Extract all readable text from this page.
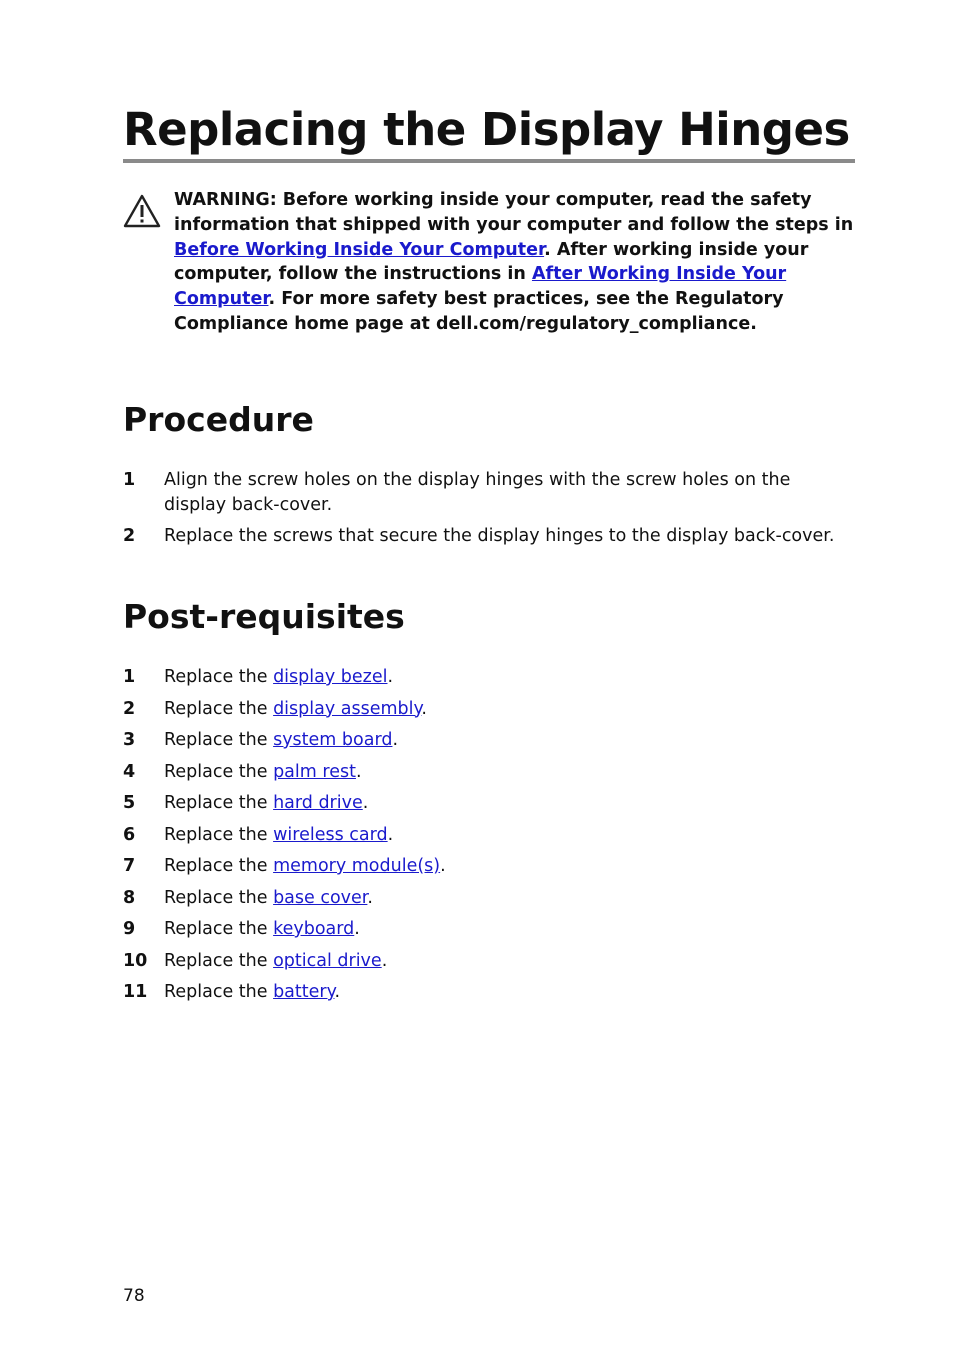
Replacing the Display Hinges
WARNING: Before working inside your computer, read the safety information that shipped with your computer and follow the steps in Before Working Inside Your Computer. After working inside your computer, follow the instructions in After Working Inside Your Computer. For more safety best practices, see the Regulatory Compliance home page at dell.com/regulatory_compliance.
Procedure
1 Align the screw holes on the display hinges with the screw holes on the display back-cover.
2 Replace the screws that secure the display hinges to the display back-cover.
Post-requisites
1 Replace the display bezel.
2 Replace the display assembly.
3 Replace the system board.
4 Replace the palm rest.
5 Replace the hard drive.
6 Replace the wireless card.
7 Replace the memory module(s).
8 Replace the base cover.
9 Replace the keyboard.
10 Replace the optical drive.
11 Replace the battery.
78
